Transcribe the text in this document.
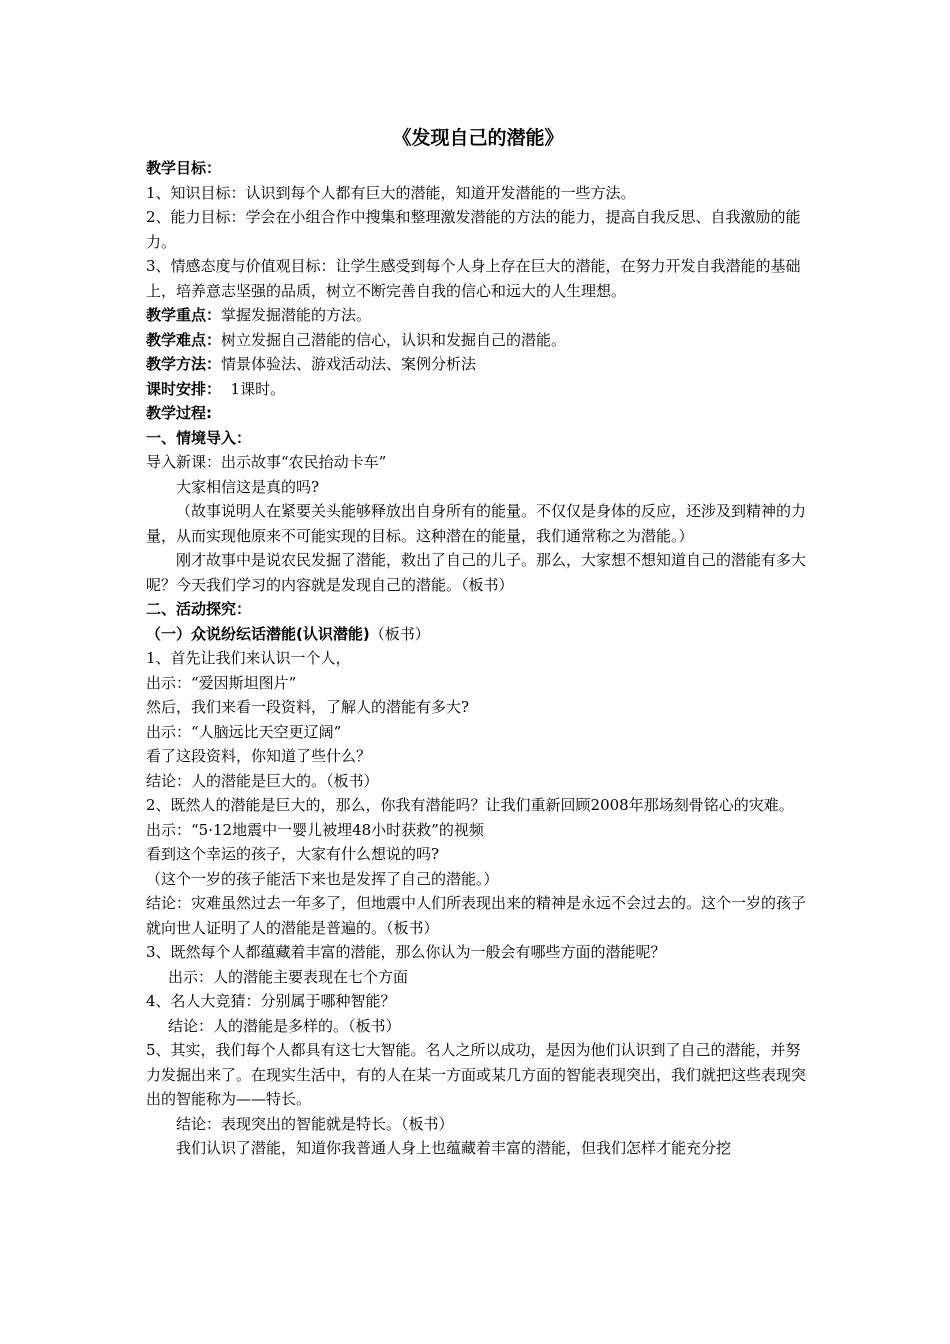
《发现自己的潜能》
教学目标：
1、知识目标：认识到每个人都有巨大的潜能，知道开发潜能的一些方法。
2、能力目标：学会在小组合作中搜集和整理激发潜能的方法的能力，提高自我反思、自我激励的能力。
3、情感态度与价值观目标：让学生感受到每个人身上存在巨大的潜能，在努力开发自我潜能的基础上，培养意志坚强的品质，树立不断完善自我的信心和远大的人生理想。
教学重点：掌握发掘潜能的方法。
教学难点：树立发掘自己潜能的信心，认识和发掘自己的潜能。
教学方法：情景体验法、游戏活动法、案例分析法
课时安排：  1课时。
教学过程:
一、情境导入：
导入新课：出示故事“农民抬动卡车”
大家相信这是真的吗?
（故事说明人在紧要关头能够释放出自身所有的能量。不仅仅是身体的反应，还涉及到精神的力量，从而实现他原来不可能实现的目标。这种潜在的能量，我们通常称之为潜能。）
刚才故事中是说农民发掘了潜能，救出了自己的儿子。那么，大家想不想知道自己的潜能有多大呢？今天我们学习的内容就是发现自己的潜能。（板书）
二、活动探究：
（一）众说纷纭话潜能(认识潜能)（板书）
1、首先让我们来认识一个人，
出示：“爱因斯坦图片”
然后，我们来看一段资料，了解人的潜能有多大?
出示：“人脑远比天空更辽阔”
看了这段资料，你知道了些什么？
结论：人的潜能是巨大的。（板书）
2、既然人的潜能是巨大的，那么，你我有潜能吗？让我们重新回顾2008年那场刻骨铭心的灾难。
出示：“5·12地震中一婴儿被埋48小时获救”的视频
看到这个幸运的孩子，大家有什么想说的吗?
（这个一岁的孩子能活下来也是发挥了自己的潜能。）
结论：灾难虽然过去一年多了，但地震中人们所表现出来的精神是永远不会过去的。这个一岁的孩子就向世人证明了人的潜能是普遍的。（板书）
3、既然每个人都蕴藏着丰富的潜能，那么你认为一般会有哪些方面的潜能呢？
出示：人的潜能主要表现在七个方面
4、名人大竞猜：分别属于哪种智能？
结论：人的潜能是多样的。（板书）
5、其实，我们每个人都具有这七大智能。名人之所以成功，是因为他们认识到了自己的潜能，并努力发掘出来了。在现实生活中，有的人在某一方面或某几方面的智能表现突出，我们就把这些表现突出的智能称为——特长。
结论：表现突出的智能就是特长。（板书）
我们认识了潜能，知道你我普通人身上也蕴藏着丰富的潜能，但我们怎样才能充分挖
